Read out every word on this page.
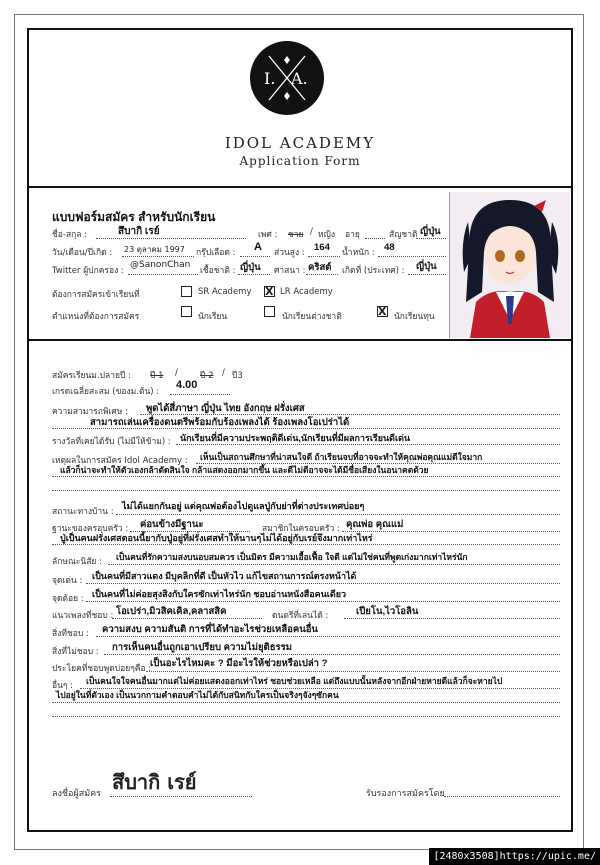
I. A.
IDOL ACADEMY
Application Form
แบบฟอร์มสมัคร สำหรับนักเรียน
ชื่อ-สกุล :	สึบากิ เรย์	เพศ : ชาย / หญิง อายุ	สัญชาติ ญี่ปุ่น
วัน/เดือน/ปีเกิด : 23 ตุลาคม 1997 กรุ๊ปเลือด : A ส่วนสูง : 164 น้ำหนัก : 48
Twitter ผู้ปกครอง :
@SanonChan
เชื้อชาติ : ญี่ปุ่น ศาสนา : คริสต์ เกิดที่ (ประเทศ) : ญี่ปุ่น
ต้องการสมัครเข้าเรียนที่	SR Academy X LR Academy
ตำแหน่งที่ต้องการสมัคร	นักเรียน	นักเรียนต่างชาติ	X นักเรียนทุน
สมัครเรียนม.ปลายปี : ปี 1 /	ปี 2 / ปี3
เกรดเฉลี่ยสะสม (ของม.ต้น) :
4.00
ความสามารถพิเศษ : พูดได้สี่ภาษา ญี่ปุ่น ไทย อังกฤษ ฝรั่งเศส
สามารถเล่นเครื่องดนตรีพร้อมกับร้องเพลงได้ ร้องเพลงโอเปร่าได้
รางวัลที่เคยได้รับ (ไม่มีให้ข้าม) : นักเรียนที่มีความประพฤติดีเด่น,นักเรียนที่มีผลการเรียนดีเด่น
เหตุผลในการสมัคร Idol Academy : เห็นเป็นสถานศึกษาที่น่าสนใจดี ถ้าเรียนจบที่อาจจะทำให้คุณพ่อคุณแม่ดีใจมาก
แล้วก็น่าจะทำให้ตัวเองกล้าตัดสินใจ กล้าแสดงออกมากขึ้น และดีไม่ดีอาจจะได้มีชื่อเสียงในอนาคตด้วย
สถานะทางบ้าน :
ไม่ได้แยกกันอยู่ แต่คุณพ่อต้องไปดูแลปู่กับย่าที่ต่างประเทศบ่อยๆ
ฐานะของครอบครัว : ค่อนข้างมีฐานะ	สมาชิกในครอบครัว : คุณพ่อ คุณแม่
ปู่เป็นคนฝรั่งเศสตอนนี้ยากับปู่อยู่ที่ฝรั่งเศสทำให้นานๆไม่ได้อยู่กับเรย์จึงมากเท่าไหร่
ลักษณะนิสัย : เป็นคนที่รักความสงบนอบสมควร เป็นมิตร มีความเอื้อเฟื้อ ใจดี แต่ไม่ใช่คนที่พูดเก่งมากเท่าไหร่นัก
จุดเด่น : เป็นคนที่มีสาวแดง มีบุคลิกที่ดี เป็นหัวไว แก้ไขสถานการณ์ตรงหน้าได้
จุดด้อย : เป็นคนที่ไม่ค่อยสุงสิงกับใครซักเท่าไหร่นัก ชอบอ่านหนังสือคนเดียว
แนวเพลงที่ชอบ : โอเปร่า,มิวสิคเคิล,คลาสสิค	ดนตรีที่เล่นได้ :	เปียโน,ไวโอลิน
สิ่งที่ชอบ : ความสงบ ความสันติ การที่ได้ทำอะไรช่วยเหลือคนอื่น
สิ่งที่ไม่ชอบ : การเห็นคนอื่นถูกเอาเปรียบ ความไม่ยุติธรรม
ประโยคที่ชอบพูดบ่อยๆคือ :
เป็นอะไรไหมคะ ? มีอะไรให้ช่วยหรือเปล่า ?
อื่นๆ : เป็นคนใจใจคนอื่นมากแต่ไม่ค่อยแสดงออกเท่าไหร่ ชอบช่วยเหลือ แต่ถึงแบบนั้นหลังจากอีกฝ่ายหายดีแล้วก็จะหายไป
ไปอยู่ในที่ตัวเอง เป็นนวกกามคำตอบคำไม่ได้กับสนิทกับใครเป็นจริงๆจังๆซักคน
ลงชื่อผู้สมัคร สึบากิ เรย์	รับรองการสมัครโดย
[2480x3508]https://upic.me/
